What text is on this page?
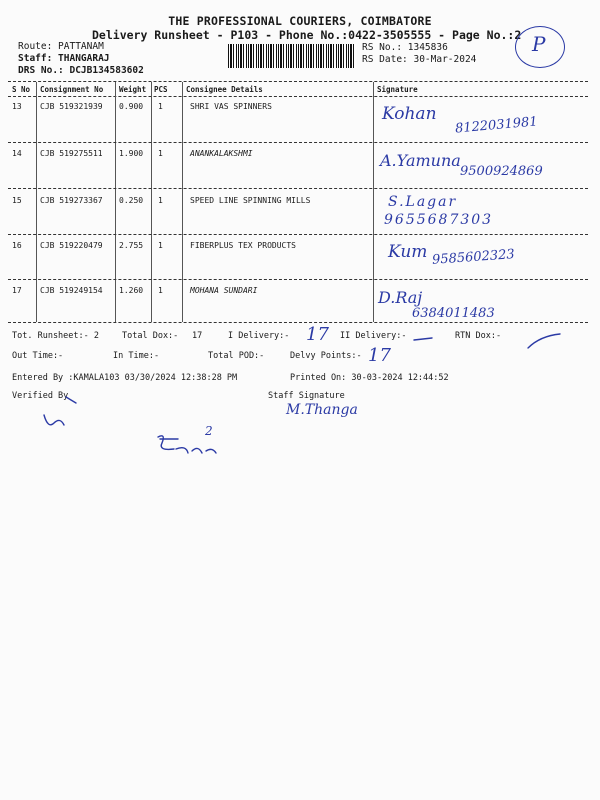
THE PROFESSIONAL COURIERS, COIMBATORE
Delivery Runsheet - P103 - Phone No.:0422-3505555 - Page No.:2 P
Route: PATTANAM
Staff: THANGARAJ
DRS No.: DCJB134583602
RS No.: 1345836
RS Date: 30-Mar-2024
S No Consignment No Weight PCS Consignee Details	Signature
13 CJB 519321939 0.900 1	SHRI VAS SPINNERS	Kohan
8122031981
14 CJB 519275511 1.900 1	ANANKALAKSHMI	A.Yamuna
9500924869
15 CJB 519273367 0.250 1	SPEED LINE SPINNING MILLS	S.Lagar
9655687303
16 CJB 519220479 2.755 1	FIBERPLUS TEX PRODUCTS	Kum 9585602323
17 CJB 519249154 1.260 1	MOHANA SUNDARI	D.Raj
6384011483
Tot. Runsheet:- 2	Total Dox:- 17	I Delivery:- 17 II Delivery:-	RTN Dox:-
Out Time:-	In Time:-	Total POD:-	Delvy Points:- 17
Entered By :KAMALA103 03/30/2024 12:38:28 PM	Printed On: 30-03-2024 12:44:52
Verified By	Staff Signature
M.Thanga
2
